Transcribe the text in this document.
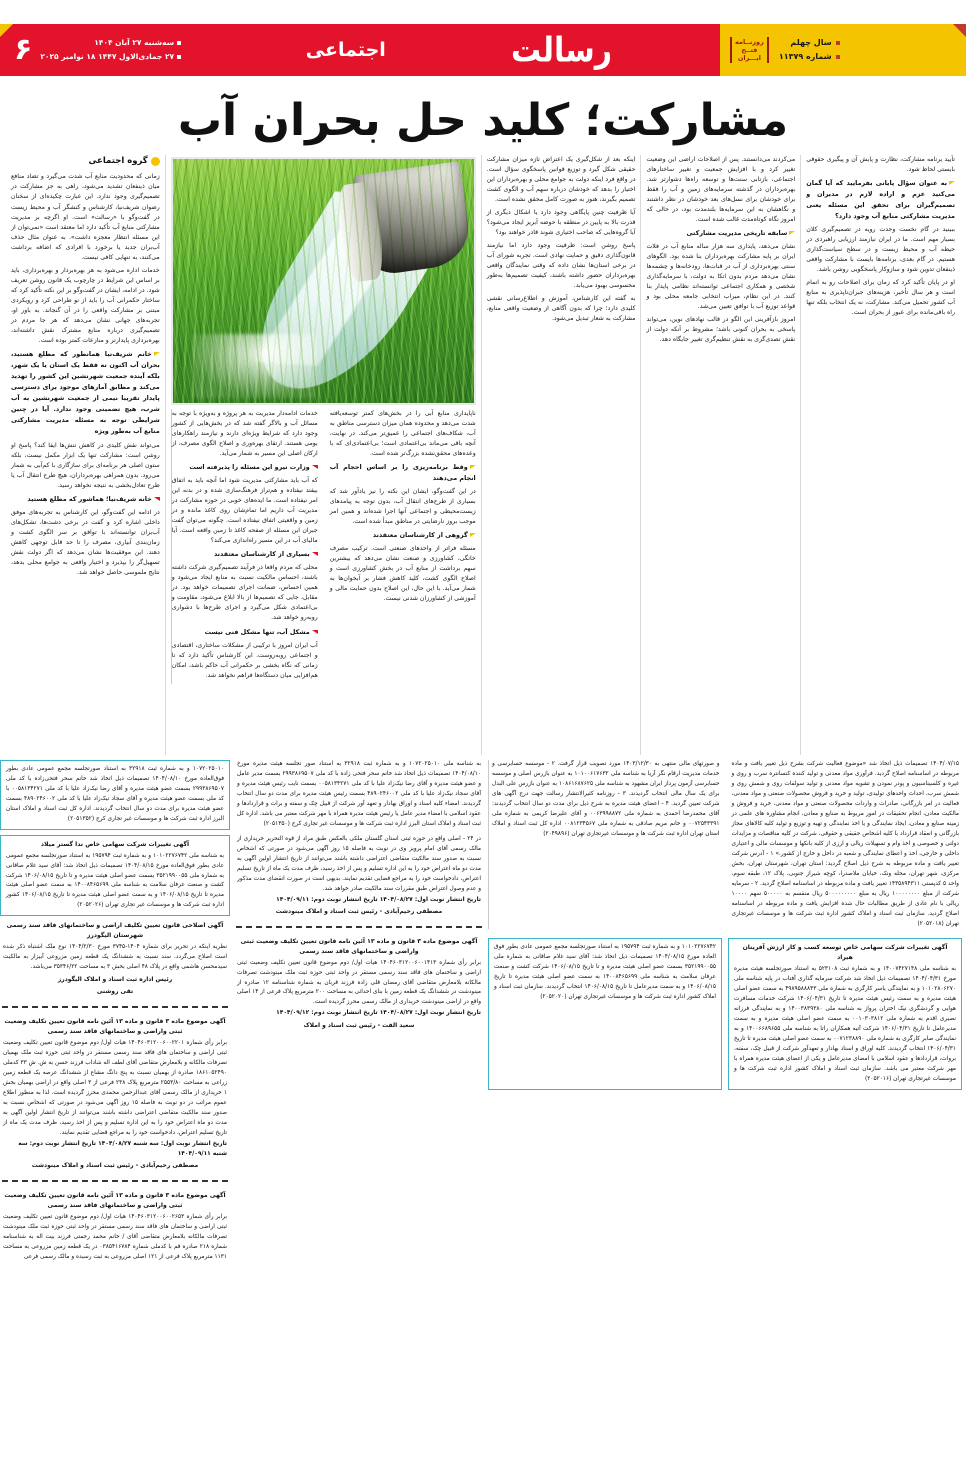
سال چهلم
شماره ۱۱۳۷۹
روزنــامه
فتــح
ایـــران
رسالت
اجتماعی
سه‌شنبه ۲۷ آبان ۱۴۰۴
۲۷ جمادی‌الاول ۱۴۴۷ ۱۸ نوامبر ۲۰۲۵
۶
مشارکت؛ کلید حل بحران آب

تأیید برنامه مشارکت، نظارت و پایش آن و پیگیری حقوقی بایستی لحاظ شود.

به عنوان سؤال پایانی بفرمایید که آیا گمان می‌کنید عزم و اراده لازم در مدیران و تصمیم‌گیران برای تحقق این مسئله یعنی مدیریت مشارکتی منابع آب وجود دارد؟

ببینید در گام نخست وحدت رویه در تصمیم‌گیری کلان بسیار مهم است. ما در ایران نیازمند ارزیابی راهبردی در حیطه آب و محیط زیست و در سطح سیاست‌گذاری هستیم. در گام بعدی، برنامه‌ها بایست با مشارکت واقعی ذینفعان تدوین شود و سازوکار پاسخگویی روشن باشد.

او در پایان تأکید کرد که زمان برای اصلاحات رو به اتمام است و هر سال تأخیر، هزینه‌های جبران‌ناپذیری به منابع آب کشور تحمیل می‌کند. مشارکت، نه یک انتخاب بلکه تنها راه باقی‌مانده برای عبور از بحران است.

می‌کردند می‌دانستند. پس از اصلاحات اراضی این وضعیت تغییر کرد و با افزایش جمعیت و تغییر ساختارهای اجتماعی، بازتابی سنت‌ها و توسعه راه‌ها دشوارتر شد. بهره‌برداران در گذشته سرمایه‌های زمین و آب را فقط برای خودشان برای نسل‌های بعد خودشان در نظر داشتند و نگاهشان به این سرمایه‌ها بلندمدت بود، در حالی که امروز نگاه کوتاه‌مدت غالب شده است.

سابقه تاریخی مدیریت مشارکتی

نشان می‌دهد، پایداری سه هزار ساله منابع آب در فلات ایران بر پایه مشارکت بهره‌برداران بنا شده بود. الگوهای سنتی بهره‌برداری از آب در قنات‌ها، رودخانه‌ها و چشمه‌ها نشان می‌دهد مردم بدون اتکا به دولت، با سرمایه‌گذاری شخصی و همکاری اجتماعی توانسته‌اند نظامی پایدار بنا کنند. در این نظام، میراب انتخابی جامعه محلی بود و قواعد توزیع آب با توافق تعیین می‌شد.

امروز بازآفرینی این الگو در قالب نهادهای نوین، می‌تواند پاسخی به بحران کنونی باشد؛ مشروط بر آنکه دولت از نقش تصدی‌گری به نقش تنظیم‌گری تغییر جایگاه دهد.

اینکه بعد از شکل‌گیری یک اعتراض تازه میزان مشارکت حقیقی شکل گیرد و توزیع قوانین پاسخگوی سؤال است. در واقع فرد اینکه دولت به جوامع محلی و بهره‌برداران این اختیار را بدهد که خودشان درباره سهم آب و الگوی کشت تصمیم بگیرند، هنوز به صورت کامل محقق نشده است.

آیا ظرفیت چنین پایگاهی وجود دارد یا اشکال دیگری از قدرت بالا به پایین در منطقه با حوضه آبریز ایجاد می‌شود؟ آیا گروه‌هایی که صاحب اختیاری شوند قادر خواهند بود؟

پاسخ روشن است: ظرفیت وجود دارد اما نیازمند قانون‌گذاری دقیق و حمایت نهادی است. تجربه شورای آب در برخی استان‌ها نشان داده که وقتی نمایندگان واقعی بهره‌برداران حضور داشته باشند، کیفیت تصمیم‌ها به‌طور محسوسی بهبود می‌یابد.

به گفته این کارشناس، آموزش و اطلاع‌رسانی نقشی کلیدی دارد؛ چرا که بدون آگاهی از وضعیت واقعی منابع، مشارکت به شعار تبدیل می‌شود.

ناپایداری منابع آبی را در بخش‌های کمتر توسعه‌یافته شدت می‌دهد و محدوده همان میزان دسترسی مناطق به آب، شکاف‌های اجتماعی را عمیق‌تر می‌کند. در نهایت، آنچه باقی می‌ماند بی‌اعتمادی است؛ بی‌اعتمادی‌ای که با وعده‌های محقق‌نشده بزرگ‌تر شده است.

وقط برنامه‌ریزی را بر اساس احجام آب انجام می‌دهند

در این گفت‌وگو، ایشان این نکته را نیز یادآور شد که بسیاری از طرح‌های انتقال آب، بدون توجه به پیامدهای زیست‌محیطی و اجتماعی آنها اجرا شده‌اند و همین امر موجب بروز نارضایتی در مناطق مبدأ شده است.

گروهی از کارشناسان معتقدند

مسئله فراتر از واحدهای صنعتی است. ترکیب مصرف خانگی، کشاورزی و صنعت نشان می‌دهد که بیشترین سهم برداشت از منابع آب در بخش کشاورزی است و اصلاح الگوی کشت، کلید کاهش فشار بر آبخوان‌ها به شمار می‌آید. با این حال، این اصلاح بدون حمایت مالی و آموزشی از کشاورزان شدنی نیست.

خدمات ادامه‌دار مدیریت به هر پروژه و به‌ویژه با توجه به مسائل آب و بالاگر گفته شد که در بخش‌هایی از کشور وجود دارد که شرایط ویژه‌ای دارند و نیازمند راهکارهای بومی هستند. ارتقای بهره‌وری و اصلاح الگوی مصرف، از ارکان اصلی این مسیر به شمار می‌آید.

وزارت نیرو این مسئله را پذیرفته است

که آب باید مشارکتی مدیریت شود اما آنچه باید به اتفاق بیفتد نیفتاده و هم‌تراز فرهنگ‌سازی شده و در بدنه این امر نیفتاده است. ما ایده‌های خوبی در حوزه مشارکت در مدیریت آب داریم اما تمام‌شان روی کاغذ مانده و در زمین و واقعیتی اتفاق نیفتاده است. چگونه می‌توان گفت جبران این مسئله از صفحه کاغذ تا زمین واقعه است. آیا مالیای آب در این مسیر راه‌اندازی می‌کند؟

بسیاری از کارشناسان معتقدند

محلی که مردم واقعا در فرآیند تصمیم‌گیری شرکت داشته باشند، احساس مالکیت نسبت به منابع ایجاد می‌شود و همین احساس، ضمانت اجرای تصمیمات خواهد بود. در مقابل، جایی که تصمیم‌ها از بالا ابلاغ می‌شود، مقاومت و بی‌اعتمادی شکل می‌گیرد و اجرای طرح‌ها با دشواری روبه‌رو خواهد شد.

مشکل آب، تنها مشکل فنی نیست

آب ایران امروز با ترکیبی از مشکلات ساختاری، اقتصادی و اجتماعی روبه‌روست. این کارشناس تأکید دارد که تا زمانی که نگاه بخشی بر حکمرانی آب حاکم باشد، امکان هم‌افزایی میان دستگاه‌ها فراهم نخواهد شد.

گروه اجتماعی

زمانی که محدودیت منابع آب شدت می‌گیرد و تضاد منافع میان ذینفعان تشدید می‌شود، راهی به جز مشارکت در تصمیم‌گیری وجود ندارد. این عبارت چکیده‌ای از سخنان رضوان شریف‌نیا، کارشناس و کنشگر آب و محیط زیست در گفت‌وگو با «رسالت» است. او اگرچه بر مدیریت مشارکتی منابع آب تأکید دارد اما معتقد است «نمی‌توان از این مسئله انتظار معجزه داشت». به عنوان مثال حذف آب‌بران جدید یا برخورد با افرادی که اضافه برداشت می‌کنند، به تنهایی کافی نیست.

خدمات اداره می‌شود به هر بهره‌بردار و بهره‌برداری، باید بر اساس این شرایط در چارچوب یک قانون روشن تعریف شود. در ادامه، ایشان در گفت‌وگو بر این نکته تأکید کرد که ساختار حکمرانی آب را باید از نو طراحی کرد و رویکردی مبتنی بر مشارکت واقعی را در آن گنجاند. به باور او، تجربه‌های جهانی نشان می‌دهد که هر جا مردم در تصمیم‌گیری درباره منابع مشترک نقش داشته‌اند، بهره‌برداری پایدارتر و منازعات کمتر بوده است.

خانم شریف‌نیا همانطور که مطلع هستید، بحران آب اکنون نه فقط یک استان یا یک شهر، بلکه آینده جمعیت شهرنشین این کشور را تهدید می‌کند و مطابق آمارهای موجود برای دسترسی پایدار تقریبا نیمی از جمعیت شهرنشین به آب شرب، هیچ تضمینی وجود ندارد. آیا در چنین شرایطی توجه به مسئله مدیریت مشارکتی منابع آب به‌طور ویژه

می‌تواند نقش کلیدی در کاهش تنش‌ها ایفا کند؟ پاسخ او روشن است: مشارکت تنها یک ابزار مکمل نیست، بلکه ستون اصلی هر برنامه‌ای برای سازگاری با کم‌آبی به شمار می‌رود. بدون همراهی بهره‌برداران، هیچ طرح انتقال آب یا طرح تعادل‌بخشی به نتیجه نخواهد رسید.

خانه شریف‌نیا؛ هماشور که مطلع هستید

در ادامه این گفت‌وگو، این کارشناس به تجربه‌های موفق داخلی اشاره کرد و گفت در برخی دشت‌ها، تشکل‌های آب‌بران توانسته‌اند با توافق بر سر الگوی کشت و زمان‌بندی آبیاری، مصرف را تا حد قابل توجهی کاهش دهند. این موفقیت‌ها نشان می‌دهد که اگر دولت نقش تسهیل‌گر را بپذیرد و اختیار واقعی به جوامع محلی بدهد، نتایج ملموسی حاصل خواهد شد.

۱۴۰۴/۰۷/۱۵ تصمیمات ذیل اتخاذ شد «موضوع فعالیت شرکت بشرح ذیل تغییر یافت و ماده مربوطه در اساسنامه اصلاح گردید. فرآوری مواد معدنی و تولید کننده کنسانتره سرب و روی و غیره و کلسیناسیون و پودر نمودن و تشویه مواد معدنی و تولید سولفات روی و شمش روی و شمش سرب، احداث واحدهای تولیدی، تولید و خرید و فروش محصولات صنعتی و مواد معدنی، فعالیت در امر بازرگانی، صادرات و واردات محصولات صنعتی و مواد معدنی، خرید و فروش و مالکیت معادن، انجام تحقیقات در امور مربوط به صنایع و معادن، انجام مشاوره های علمی در زمینه صنایع و معادن، ایجاد نمایندگی و یا اخذ نمایندگی و تهیه و توزیع و تولید کلیه کالاهای مجاز بازرگانی و انعقاد قرارداد با کلیه اشخاص حقیقی و حقوقی، شرکت در کلیه مناقصات و مزایدات دولتی و خصوصی و اخذ وام و تسهیلات ریالی و ارزی از کلیه بانکها و موسسات مالی و اعتباری داخلی و خارجی، اخذ و اعطای نمایندگی و شعبه در داخل و خارج از کشور.» ۱ - آدرس شرکت تغییر یافت و ماده مربوطه به شرح ذیل اصلاح گردید: استان تهران، شهرستان تهران، بخش مرکزی، شهر تهران، محله ونک، خیابان ملاصدرا، کوچه شیراز جنوبی، پلاک ۱۲، طبقه سوم، واحد ۵ کدپستی ۱۴۳۵۸۹۴۳۱۱ تغییر یافت و ماده مربوطه در اساسنامه اصلاح گردید. ۲ - سرمایه شرکت از مبلغ ۱۰۰۰۰۰۰۰۰ ریال به مبلغ ۵۰۰۰۰۰۰۰۰۰ ریال منقسم به ۵۰۰۰۰۰ سهم ۱۰۰۰۰ ریالی با نام عادی از طریق مطالبات حال شده افزایش یافت و ماده مربوطه در اساسنامه اصلاح گردید. سازمان ثبت اسناد و املاک کشور اداره ثبت شرکت ها و موسسات غیرتجاری تهران (۲۰۵۲۰۱۸)
و صورتهای مالی منتهی به ۱۴۰۳/۱۲/۳۰ مورد تصویب قرار گرفت. ۲ - موسسه حسابرسی و خدمات مدیریت ارقام نگر آریا به شناسه ملی ۱۰۱۰۰۶۱۷۶۳۲ به عنوان بازرس اصلی و موسسه حسابرسی آزمون پرداز ایران مشهود به شناسه ملی ۱۰۸۶۱۶۸۷۶۲۵ به عنوان بازرس علی البدل برای یک سال مالی انتخاب گردیدند. ۳ - روزنامه کثیرالانتشار رسالت جهت درج آگهی های شرکت تعیین گردید. ۴ - اعضای هیئت مدیره به شرح ذیل برای مدت دو سال انتخاب گردیدند: آقای محمدرضا احمدی به شماره ملی ۰۰۶۳۹۹۸۸۷۲ و آقای علیرضا کریمی به شماره ملی ۰۰۷۲۵۴۳۳۹۱ و خانم مریم صادقی به شماره ملی ۰۰۸۱۲۳۴۵۶۷ اداره کل ثبت اسناد و املاک استان تهران اداره ثبت شرکت ها و موسسات غیرتجاری تهران (۲۰۴۹۸۹۶)
آگهی تغییرات شرکت سهامی خاص توسعه کسب و کار ارزش آفرینان هیراد
به شناسه ملی ۱۴۰۰۷۴۲۷۱۴۸ و به شماره ثبت ۵۲۳۱۰۸ به استناد صورتجلسه هیئت مدیره مورخ ۱۴۰۴/۰۴/۳۱ تصمیمات ذیل اتخاذ شد شرکت سرمایه گذاری آفتاب در پایه شناسه ملی ۱۰۱۰۲۸۰۶۲۷۰ و به نمایندگی یاسر کارگری به شماره ملی ۴۹۸۹۵۸۸۸۴۳ به سمت عضو اصلی هیئت مدیره و به سمت رئیس هیئت مدیره تا تاریخ ۱۴۰۶/۰۴/۳۱ شرکت خدمات مسافرت هوایی و گردشگری نیک اختران پرواز به شناسه ملی ۱۴۰۰۳۸۳۹۳۸۰ و به نمایندگی فرزانه نصیری اقدم به شماره ملی ۰۰۱۰۳۰۳۸۱۲ به سمت عضو اصلی هیئت مدیره و به سمت مدیرعامل تا تاریخ ۱۴۰۶/۰۴/۳۱ شرکت آتیه همکاران راتا به شناسه ملی ۱۴۰۰۶۶۸۹۶۵۵ و به نمایندگی صابر کارگری به شماره ملی ۰۰۷۱۲۳۸۸۹۰ به سمت عضو اصلی هیئت مدیره تا تاریخ ۱۴۰۶/۰۴/۳۱ انتخاب گردیدند. کلیه اوراق و اسناد بهادار و تعهدآور شرکت از قبیل چک، سفته، بروات، قراردادها و عقود اسلامی با امضای مدیرعامل و یکی از اعضای هیئت مدیره همراه با مهر شرکت معتبر می باشد. سازمان ثبت اسناد و املاک کشور اداره ثبت شرکت ها و موسسات غیرتجاری تهران (۲۰۵۲۰۱۶)
۱۰۱۰۲۲۷۶۷۴۲ و به شماره ثبت ۱۹۵۷۹۴ به استناد صورتجلسه مجمع عمومی عادی بطور فوق العاده مورخ ۱۴۰۴/۰۸/۱۵ تصمیمات ذیل اتخاذ شد: آقای سید غلام صاقانی به شماره ملی ۳۵۲۱۹۹۰۰۵۵ بسمت عضو اصلی هیئت مدیره و تا تاریخ ۱۴۰۶/۰۸/۱۵ شرکت کشت و صنعت عرفان سلامت به شناسه ملی ۱۴۰۰۸۴۶۵۶۹۹ به سمت عضو اصلی هیئت مدیره تا تاریخ ۱۴۰۶/۰۸/۱۵ و به سمت مدیرعامل تا تاریخ ۱۴۰۶/۰۸/۱۵ انتخاب گردیدند. سازمان ثبت اسناد و املاک کشور اداره ثبت شرکت ها و موسسات غیرتجاری تهران (۲۰۵۲۰۲۰)
به شناسه ملی ۱۰۷۲۰۲۵۰۱۰ و به شماره ثبت ۳۲۹۱۸ به استناد صور تجلسه هیئت مدیره مورخ ۱۴۰۴/۰۸/۱۰ تصمیمات ذیل اتخاذ شد خانم سحر فتحی زاده با کد ملی ۲۹۹۳۸۶۹۵۰۷ بسمت مدیر عامل و عضو هیئت مدیره و آقای رضا نیک‌زاد علیا با کد ملی ۰۰۵۸۱۳۴۲۷۱ بسمت نایب رئیس هیئت مدیره و آقای سجاد نیک‌زاد علیا با کد ملی ۴۸۹۰۲۴۶۰۰۲ بسمت رئیس هیئت مدیره برای مدت دو سال انتخاب گردیدند. امضاء کلیه اسناد و اوراق بهادار و تعهد آور شرکت از قبیل چک و سفته و برات و قراردادها و عقود اسلامی با امضاء مدیر عامل یا رئیس هیئت مدیره همراه با مهر شرکت معتبر می باشد. اداره کل ثبت اسناد و املاک استان البرز اداره ثبت شرکت ها و موسسات غیر تجاری کرج (۲۰۵۱۳۵۰)
در ۲۴ - اصلی واقع در حوزه ثبتی استان گلستان ملکی بالعکس طبق مراد از قوه التحریر خریداری از مالک رسمی آقای امام پرویز وی در نوبت به فاصله ۱۵ روز آگهی می‌شود در صورتی که اشخاص نسبت به صدور سند مالکیت متقاضی اعتراضی داشته باشند می‌توانند از تاریخ انتشار اولین آگهی به مدت دو ماه اعتراض خود را به این اداره تسلیم و پس از اخذ رسید، ظرف مدت یک ماه از تاریخ تسلیم اعتراض، دادخواست خود را به مراجع قضایی تقدیم نمایند. بدیهی است در صورت انقضای مدت مذکور و عدم وصول اعتراض طبق مقررات سند مالکیت صادر خواهد شد.
تاریخ انتشار نوبت اول: ۱۴۰۴/۰۸/۲۷ تاریخ انتشار نوبت دوم: ۱۴۰۴/۰۹/۱۱
مصطفی رحیم‌آبادی - رئیس ثبت اسناد و املاک مینودشت
آگهی موضوع ماده ۳ قانون و ماده ۱۳ آئین نامه قانون تعیین تکلیف وضعیت ثبتی واراضی و ساختمانهای فاقد سند رسمی
برابر رأی شماره ۱۴۰۴۶۰۳۱۲۰۰۶۰۰۱۴۱۳ هیات اول/ دوم موضوع قانون تعیین تکلیف وضعیت ثبتی اراضی و ساختمان های فاقد سند رسمی مستقر در واحد ثبتی حوزه ثبت ملک مینودشت تصرفات مالکانه بلامعارض متقاضی آقای رمضان قلی زاده فرزند قربان به شماره شناسنامه ۱۲ صادره از مینودشت در ششدانگ یک قطعه زمین با بنای احداثی به مساحت ۲۰۰ مترمربع پلاک فرعی از ۱۴ اصلی واقع در اراضی مینودشت خریداری از مالک رسمی محرز گردیده است.
تاریخ انتشار نوبت اول: ۱۴۰۴/۰۸/۲۷ تاریخ انتشار نوبت دوم: ۱۴۰۴/۰۹/۱۲
سعید الفت - رئیس ثبت اسناد و املاک
۱۰۷۲۰۲۵۰۱۰ و به شماره ثبت ۳۲۹۱۸ به استناد صورتجلسه مجمع عمومی عادی بطور فوق‌العاده مورخ ۱۴۰۴/۰۸/۱۰ تصمیمات ذیل اتخاذ شد خانم سحر فتحی‌زاده با کد ملی ۲۹۹۳۸۶۹۵۰۷ بسمت عضو هیئت مدیره و آقای رضا نیک‌زاد علیا با کد ملی ۰۰۵۸۱۳۴۲۷۱ با کد ملی بسمت عضو هیئت مدیره و آقای سجاد نیک‌زاد علیا با کد ملی ۴۸۹۰۲۴۶۰۰۲ بسمت عضو هیئت مدیره برای مدت دو سال انتخاب گردیدند. اداره کل ثبت اسناد و املاک استان البرز اداره ثبت شرکت ها و موسسات غیر تجاری کرج (۲۰۵۱۳۵۲)
آگهی تغییرات شرکت سهامی خاص ندا گستر میلاد
به شناسه ملی ۱۰۱۰۲۲۷۶۷۴۲ و به شماره ثبت ۱۹۵۷۹۴ به استناد صورتجلسه مجمع عمومی عادی بطور فوق‌العاده مورخ ۱۴۰۴/۰۸/۱۵ تصمیمات ذیل اتخاذ شد: آقای سید غلام صاقانی به شماره ملی ۳۵۲۱۹۹۰۰۵۵ بسمت عضو اصلی هیئت مدیره و تا تاریخ ۱۴۰۶/۰۸/۱۵ شرکت کشت و صنعت عرفان سلامت به شناسه ملی ۱۴۰۰۸۴۶۵۶۹۹ به سمت عضو اصلی هیئت مدیره تا تاریخ ۱۴۰۶/۰۸/۱۵ و به سمت عضو اصلی هیئت مدیره تا تاریخ ۱۴۰۶/۰۸/۱۵ کشور اداره ثبت شرکت ها و موسسات غیر تجاری تهران (۲۰۵۲۰۲۶)
آگهی اصلاحی قانون تعیین تکلیف اراضی و ساختمانهای فاقد سند رسمی شهرستان الیگودرز
نظریه اینکه در تحریر برای شماره ۱۴۰۴-۳۷۴۵ مورخ ۱۴۰۴/۲/۳۰ نوع ملک اشتباه ذکر شده است اصلاح می‌گردد. سند نسبت به ششدانگ یک قطعه زمین مزروعی آبیزار به مالکیت سیدمحسن هاشمی واقع در پلاک ۴۸ اصلی بخش ۳ به مساحت ۳۵۳۴۶/۲۲ می‌باشد.
رئیس اداره ثبت اسناد و املاک الیگودرز
تقی روشنی
آگهی موضوع ماده ۳ قانون و ماده ۱۳ آئین نامه قانون تعیین تکلیف وضعیت ثبتی واراضی و ساختمانهای فاقد سند رسمی
برابر رأی شماره ۱۴۰۴۶۰۳۱۲۰۰۶۰۰۲۲۰۱ هیات اول/ دوم موضوع قانون تعیین تکلیف وضعیت ثبتی اراضی و ساختمان های فاقد سند رسمی مستقر در واحد ثبتی حوزه ثبت ملک بهمیان تصرفات مالکانه و بلامعارض متقاضی آقای لطف اله شاداب فرزند حسن به ش. ش ۳۳ کدملی ۱۸۶۱۰۵۲۴۹۰ صادره از بهمیان نسبت به پنج دانگ مشاع از ششدانگ عرصه یک قطعه زمین زراعی به مساحت ۲۵۵۳/۸۰ مترمربع پلاک ۲۳۸ فرعی از ۳ اصلی واقع در اراضی بهمیان بخش ۱ خریداری از مالک رسمی آقای عبدالرحمن محمدی محرز گردیده است. لذا به منظور اطلاع عموم مراتب در دو نوبت به فاصله ۱۵ روز آگهی می‌شود در صورتی که اشخاص نسبت به صدور سند مالکیت متقاضی اعتراضی داشته باشند می‌توانند از تاریخ انتشار اولین آگهی به مدت دو ماه اعتراض خود را به این اداره تسلیم و پس از اخذ رسید، ظرف مدت یک ماه از تاریخ تسلیم اعتراض، دادخواست خود را به مراجع قضایی تقدیم نمایند.
تاریخ انتشار نوبت اول: سه شنبه ۱۴۰۴/۰۸/۲۷ تاریخ انتشار نوبت دوم: سه شنبه ۱۴۰۴/۰۹/۱۱
مصطفی رحیم‌آبادی - رئیس ثبت اسناد و املاک مینودشت
آگهی موضوع ماده ۳ قانون و ماده ۱۳ آئین نامه قانون تعیین تکلیف وضعیت ثبتی واراضی و ساختمانهای فاقد سند رسمی
برابر رأی شماره ۱۴۰۴۶۰۳۱۲۰۰۶۰۰۲۶۵۳ هیات اول/ دوم موضوع قانون تعیین تکلیف وضعیت ثبتی اراضی و ساختمان های فاقد سند رسمی مستقر در واحد ثبتی حوزه ثبت ملک مینودشت تصرفات مالکانه بلامعارض متقاضی آقای / خانم محمد رحمتی فرزند بیت اله به شناسنامه شماره ۲۱۸ صادره قم با کدملی شماره ۰۳۸۵۴۱۶۷۸۴ در یک قطعه زمین مزروعی به مساحت ۱۱۳۱ مترمربع پلاک فرعی از ۱۲۱ اصلی مزروعی به ثبت رسیده و مالک رسمی فرعی
